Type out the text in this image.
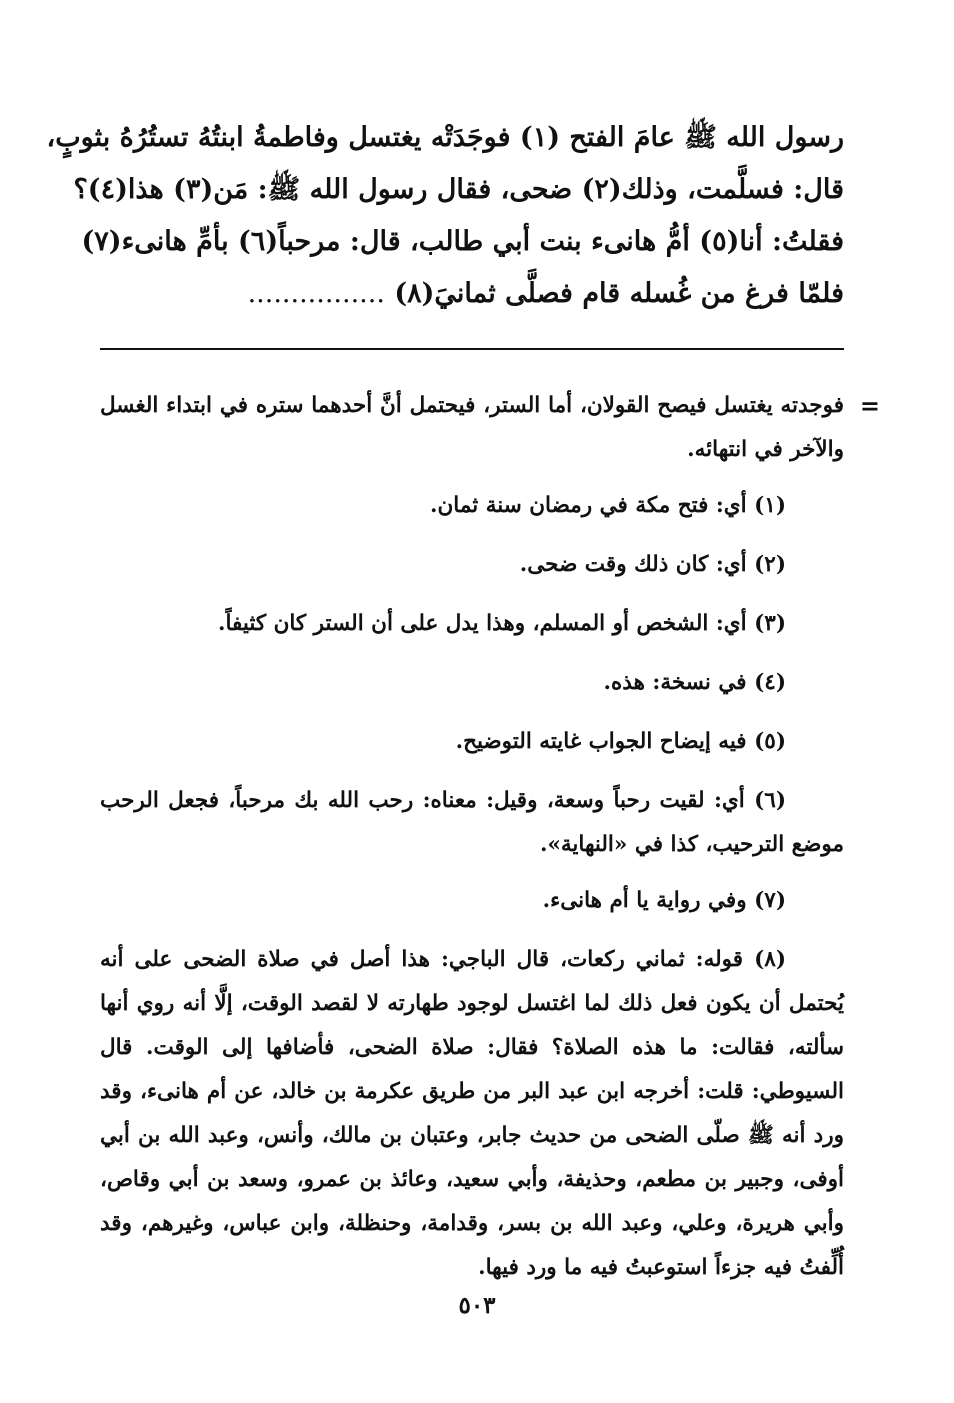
رسول الله ﷺ عامَ الفتح (١) فوجَدَتْه يغتسل وفاطمةُ ابنتُهُ تستُرُهُ بثوبٍ،

قال: فسلَّمت، وذلك(٢) ضحى، فقال رسول الله ﷺ: مَن(٣) هذا(٤)؟

فقلتُ: أنا(٥) أمُّ هانىء بنت أبي طالب، قال: مرحباً(٦) بأمِّ هانىء(٧)

فلمّا فرغ من غُسله قام فصلَّى ثمانيَ(٨) ................

=

فوجدته يغتسل فيصح القولان، أما الستر، فيحتمل أنَّ أحدهما ستره في ابتداء الغسل والآخر في انتهائه.

(١) أي: فتح مكة في رمضان سنة ثمان.

(٢) أي: كان ذلك وقت ضحى.

(٣) أي: الشخص أو المسلم، وهذا يدل على أن الستر كان كثيفاً.

(٤) في نسخة: هذه.

(٥) فيه إيضاح الجواب غايته التوضيح.

(٦) أي: لقيت رحباً وسعة، وقيل: معناه: رحب الله بك مرحباً، فجعل الرحب موضع الترحيب، كذا في «النهاية».

(٧) وفي رواية يا أم هانىء.

(٨) قوله: ثماني ركعات، قال الباجي: هذا أصل في صلاة الضحى على أنه يُحتمل أن يكون فعل ذلك لما اغتسل لوجود طهارته لا لقصد الوقت، إلَّا أنه روي أنها سألته، فقالت: ما هذه الصلاة؟ فقال: صلاة الضحى، فأضافها إلى الوقت. قال السيوطي: قلت: أخرجه ابن عبد البر من طريق عكرمة بن خالد، عن أم هانىء، وقد ورد أنه ﷺ صلّى الضحى من حديث جابر، وعتبان بن مالك، وأنس، وعبد الله بن أبي أوفى، وجبير بن مطعم، وحذيفة، وأبي سعيد، وعائذ بن عمرو، وسعد بن أبي وقاص، وأبي هريرة، وعلي، وعبد الله بن بسر، وقدامة، وحنظلة، وابن عباس، وغيرهم، وقد أُلِّفتُ فيه جزءاً استوعبتُ فيه ما ورد فيها.

٥٠٣
